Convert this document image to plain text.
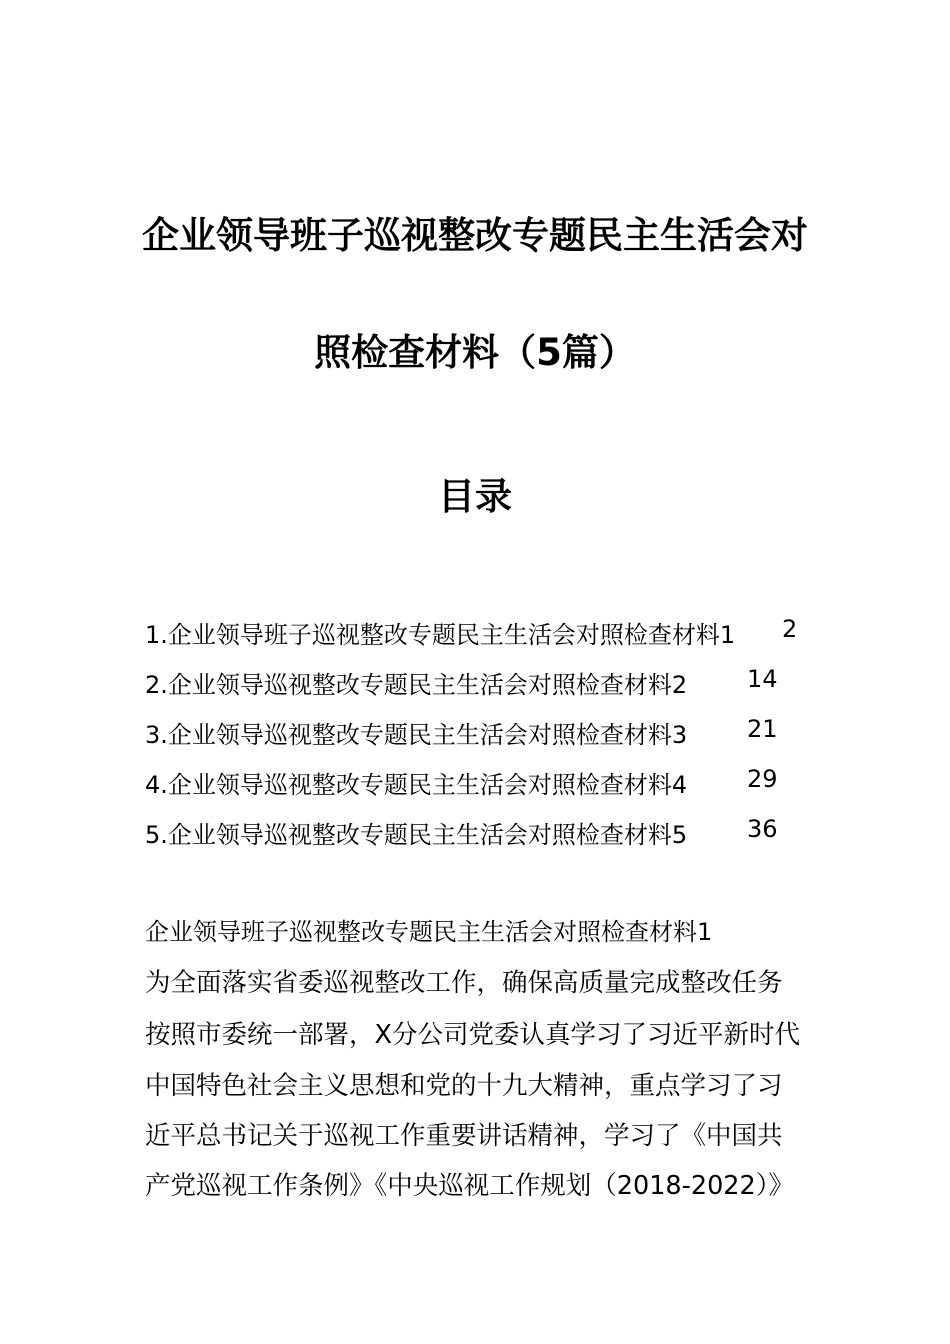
企业领导班子巡视整改专题民主生活会对
照检查材料（5篇）
目录
1.企业领导班子巡视整改专题民主生活会对照检查材料1 2
2.企业领导巡视整改专题民主生活会对照检查材料2 14
3.企业领导巡视整改专题民主生活会对照检查材料3 21
4.企业领导巡视整改专题民主生活会对照检查材料4 29
5.企业领导巡视整改专题民主生活会对照检查材料5 36
企业领导班子巡视整改专题民主生活会对照检查材料1
为全面落实省委巡视整改工作，确保高质量完成整改任务
按照市委统一部署，X分公司党委认真学习了习近平新时代
中国特色社会主义思想和党的十九大精神，重点学习了习
近平总书记关于巡视工作重要讲话精神，学习了《中国共
产党巡视工作条例》《中央巡视工作规划（2018-2022）》
